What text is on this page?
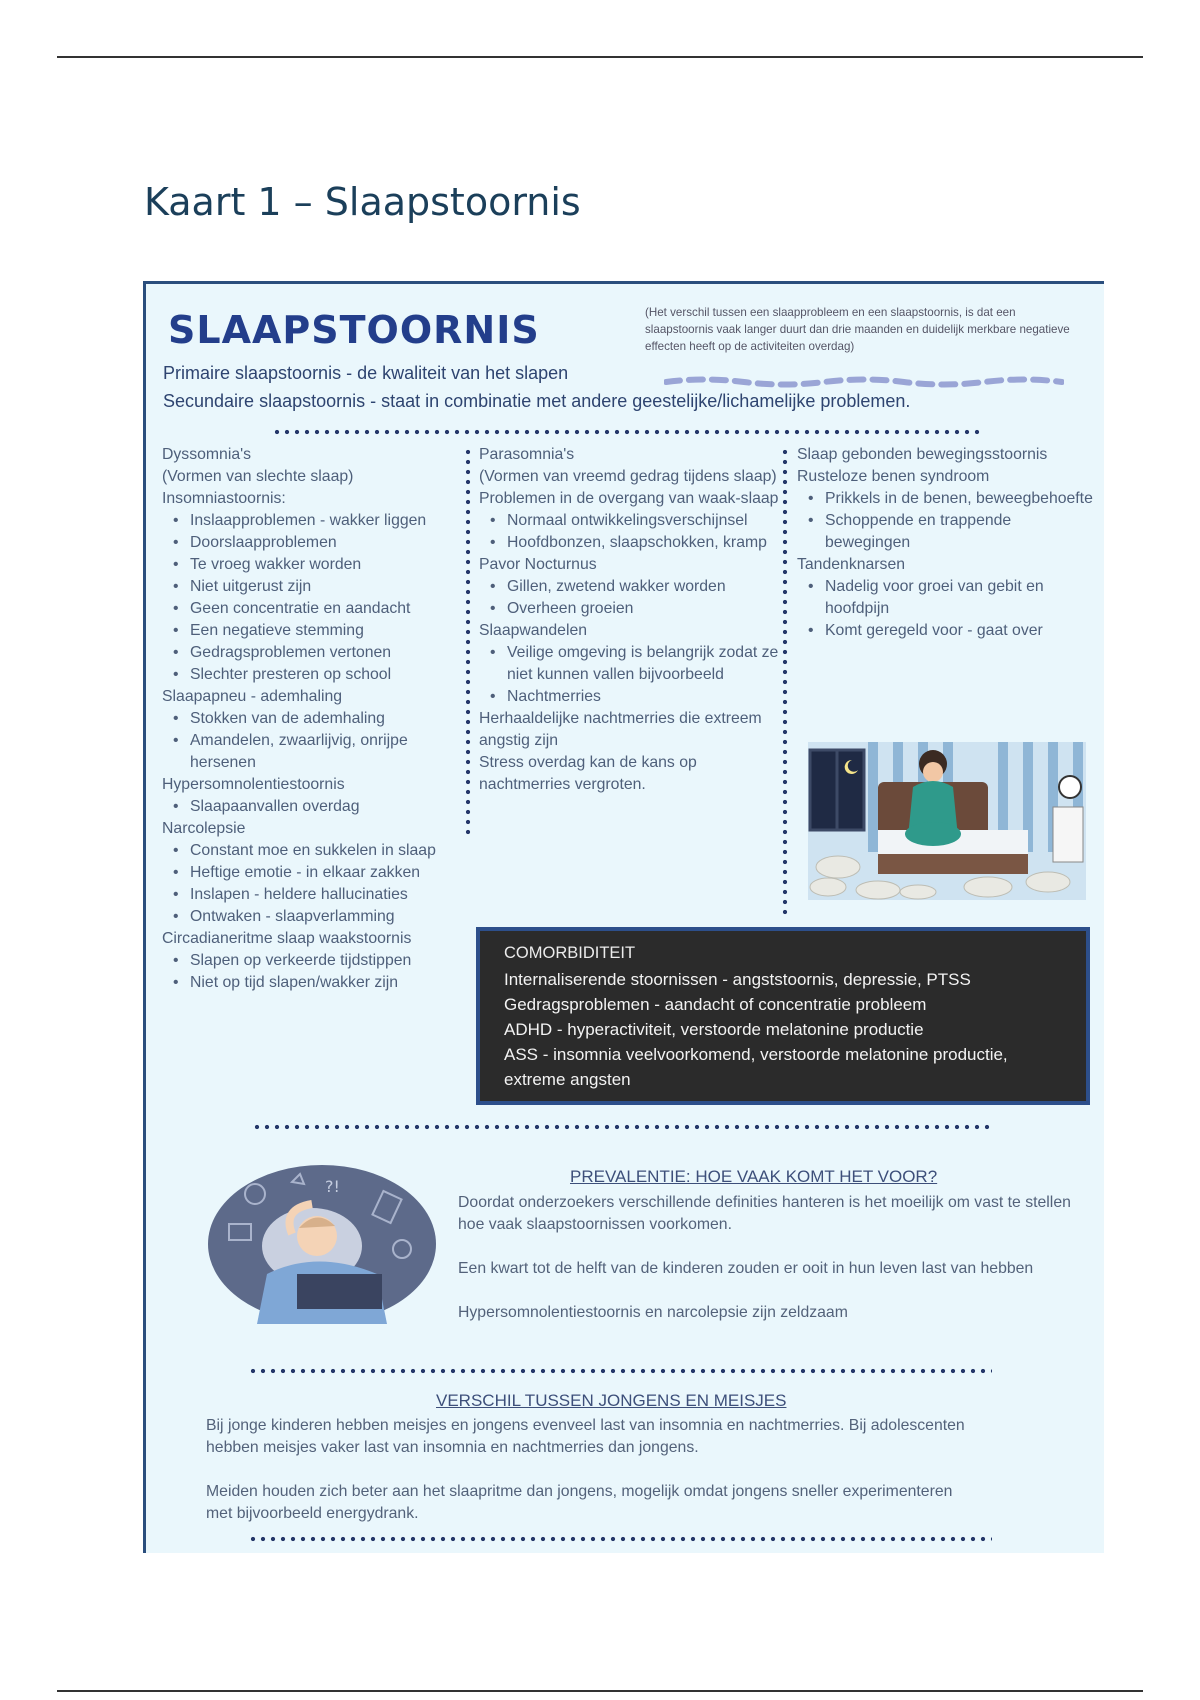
Kaart 1 – Slaapstoornis
SLAAPSTOORNIS	(Het verschil tussen een slaapprobleem en een slaapstoornis, is dat een slaapstoornis vaak langer duurt dan drie maanden en duidelijk merkbare negatieve effecten heeft op de activiteiten overdag)
Primaire slaapstoornis - de kwaliteit van het slapen
Secundaire slaapstoornis - staat in combinatie met andere geestelijke/lichamelijke problemen.

Dyssomnia's

(Vormen van slechte slaap)

Insomniastoornis:

• Inslaapproblemen - wakker liggen
• Doorslaapproblemen
• Te vroeg wakker worden
• Niet uitgerust zijn
• Geen concentratie en aandacht
• Een negatieve stemming
• Gedragsproblemen vertonen
• Slechter presteren op school

Slaapapneu - ademhaling

• Stokken van de ademhaling
• Amandelen, zwaarlijvig, onrijpe hersenen

Hypersomnolentiestoornis

• Slaapaanvallen overdag

Narcolepsie

• Constant moe en sukkelen in slaap
• Heftige emotie - in elkaar zakken
• Inslapen - heldere hallucinaties
• Ontwaken - slaapverlamming

Circadianeritme slaap waakstoornis

• Slapen op verkeerde tijdstippen
• Niet op tijd slapen/wakker zijn

Parasomnia's

(Vormen van vreemd gedrag tijdens slaap)

Problemen in de overgang van waak-slaap

• Normaal ontwikkelingsverschijnsel
• Hoofdbonzen, slaapschokken, kramp

Pavor Nocturnus

• Gillen, zwetend wakker worden
• Overheen groeien

Slaapwandelen

• Veilige omgeving is belangrijk zodat ze niet kunnen vallen bijvoorbeeld
• Nachtmerries

Herhaaldelijke nachtmerries die extreem angstig zijn

Stress overdag kan de kans op nachtmerries vergroten.

Slaap gebonden bewegingsstoornis

Rusteloze benen syndroom

• Prikkels in de benen, beweegbehoefte
• Schoppende en trappende bewegingen

Tandenknarsen

• Nadelig voor groei van gebit en hoofdpijn
• Komt geregeld voor - gaat over
COMORBIDITEIT
Internaliserende stoornissen - angststoornis, depressie, PTSS
Gedragsproblemen - aandacht of concentratie probleem
ADHD - hyperactiviteit, verstoorde melatonine productie
ASS - insomnia veelvoorkomend, verstoorde melatonine productie, extreme angsten
?!
PREVALENTIE: HOE VAAK KOMT HET VOOR?

Doordat onderzoekers verschillende definities hanteren is het moeilijk om vast te stellen hoe vaak slaapstoornissen voorkomen.

Een kwart tot de helft van de kinderen zouden er ooit in hun leven last van hebben

Hypersomnolentiestoornis en narcolepsie zijn zeldzaam

VERSCHIL TUSSEN JONGENS EN MEISJES

Bij jonge kinderen hebben meisjes en jongens evenveel last van insomnia en nachtmerries. Bij adolescenten hebben meisjes vaker last van insomnia en nachtmerries dan jongens.

Meiden houden zich beter aan het slaapritme dan jongens, mogelijk omdat jongens sneller experimenteren met bijvoorbeeld energydrank.
